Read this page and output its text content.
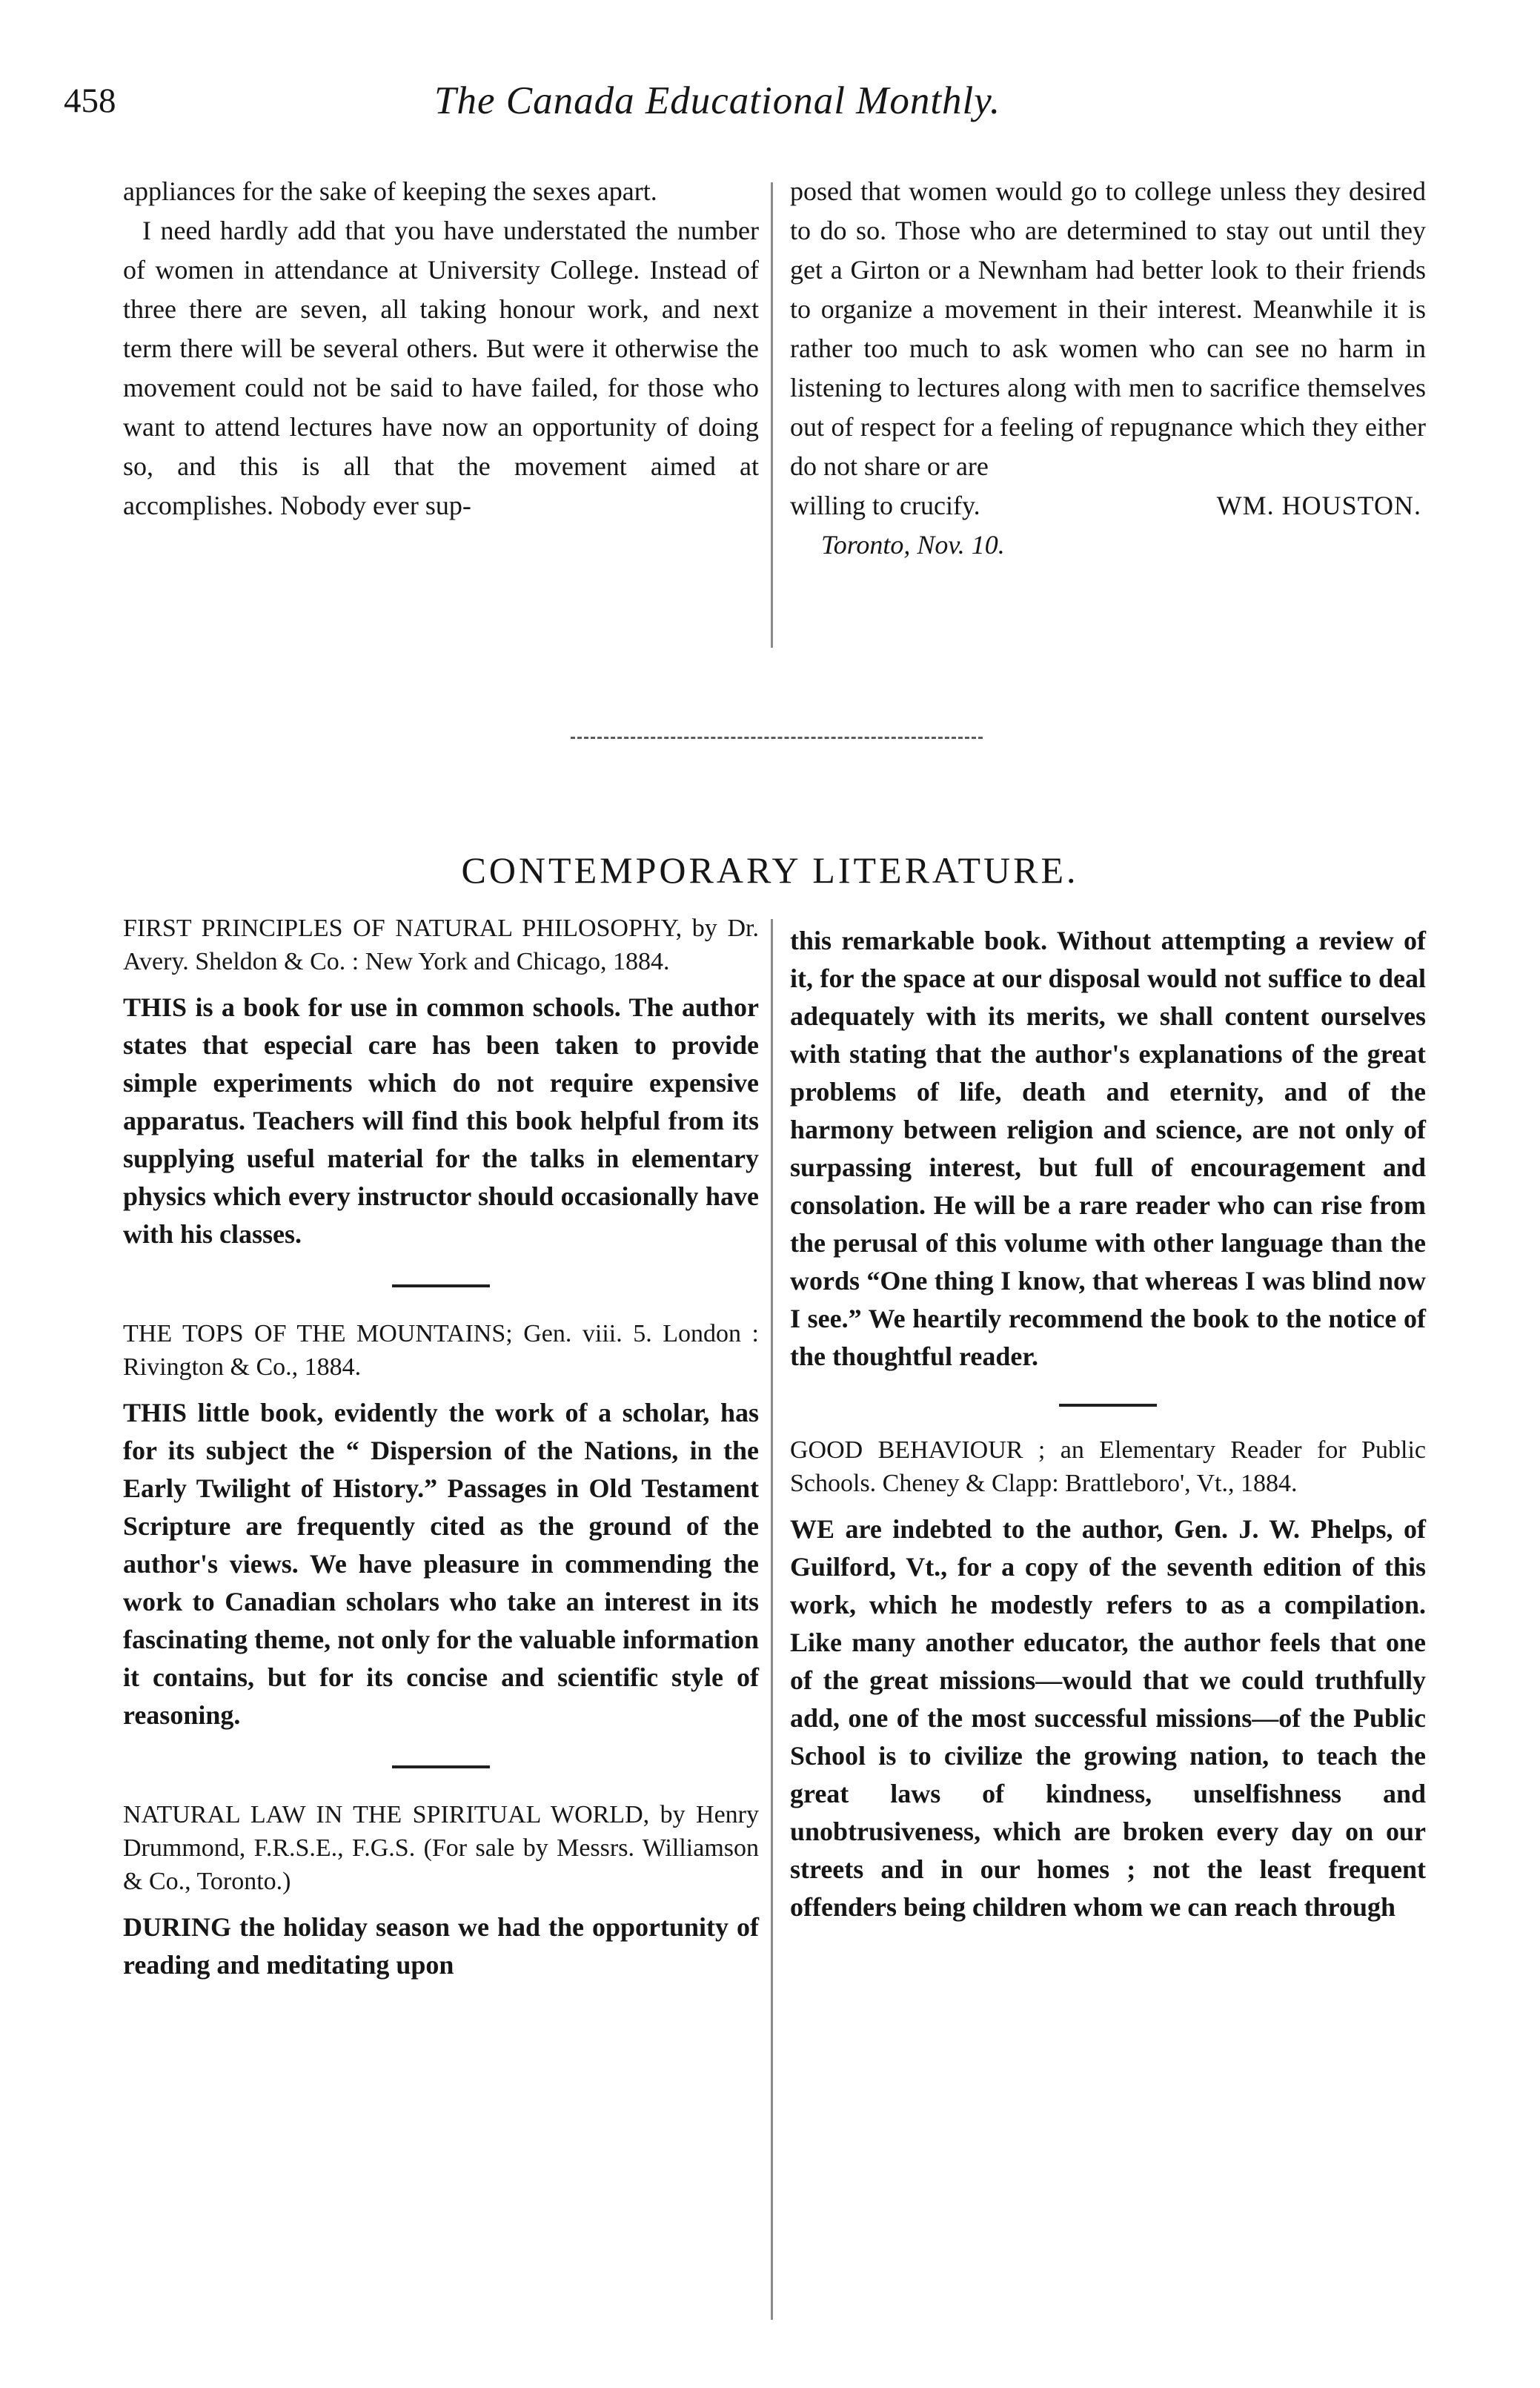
458	The Canada Educational Monthly.

appliances for the sake of keeping the sexes apart.

I need hardly add that you have understated the number of women in attendance at University College. Instead of three there are seven, all taking honour work, and next term there will be several others. But were it otherwise the movement could not be said to have failed, for those who want to attend lectures have now an opportunity of doing so, and this is all that the movement aimed at accomplishes. Nobody ever sup-

posed that women would go to college unless they desired to do so. Those who are determined to stay out until they get a Girton or a Newnham had better look to their friends to organize a movement in their interest. Meanwhile it is rather too much to ask women who can see no harm in listening to lectures along with men to sacrifice themselves out of respect for a feeling of repugnance which they either do not share or are

willing to crucify.	WM. HOUSTON.
Toronto, Nov. 10.
CONTEMPORARY LITERATURE.

FIRST PRINCIPLES OF NATURAL PHILOSOPHY, by Dr. Avery. Sheldon & Co. : New York and Chicago, 1884.

THIS is a book for use in common schools. The author states that especial care has been taken to provide simple experiments which do not require expensive apparatus. Teachers will find this book helpful from its supplying useful material for the talks in elementary physics which every instructor should occasionally have with his classes.

THE TOPS OF THE MOUNTAINS; Gen. viii. 5. London : Rivington & Co., 1884.

THIS little book, evidently the work of a scholar, has for its subject the “ Dispersion of the Nations, in the Early Twilight of History.” Passages in Old Testament Scripture are frequently cited as the ground of the author's views. We have pleasure in commending the work to Canadian scholars who take an interest in its fascinating theme, not only for the valuable information it contains, but for its concise and scientific style of reasoning.

NATURAL LAW IN THE SPIRITUAL WORLD, by Henry Drummond, F.R.S.E., F.G.S. (For sale by Messrs. Williamson & Co., Toronto.)

DURING the holiday season we had the opportunity of reading and meditating upon

this remarkable book. Without attempting a review of it, for the space at our disposal would not suffice to deal adequately with its merits, we shall content ourselves with stating that the author's explanations of the great problems of life, death and eternity, and of the harmony between religion and science, are not only of surpassing interest, but full of encouragement and consolation. He will be a rare reader who can rise from the perusal of this volume with other language than the words “One thing I know, that whereas I was blind now I see.” We heartily recommend the book to the notice of the thoughtful reader.

GOOD BEHAVIOUR ; an Elementary Reader for Public Schools. Cheney & Clapp: Brattleboro', Vt., 1884.

WE are indebted to the author, Gen. J. W. Phelps, of Guilford, Vt., for a copy of the seventh edition of this work, which he modestly refers to as a compilation. Like many another educator, the author feels that one of the great missions—would that we could truthfully add, one of the most successful missions—of the Public School is to civilize the growing nation, to teach the great laws of kindness, unselfishness and unobtrusiveness, which are broken every day on our streets and in our homes ; not the least frequent offenders being children whom we can reach through
